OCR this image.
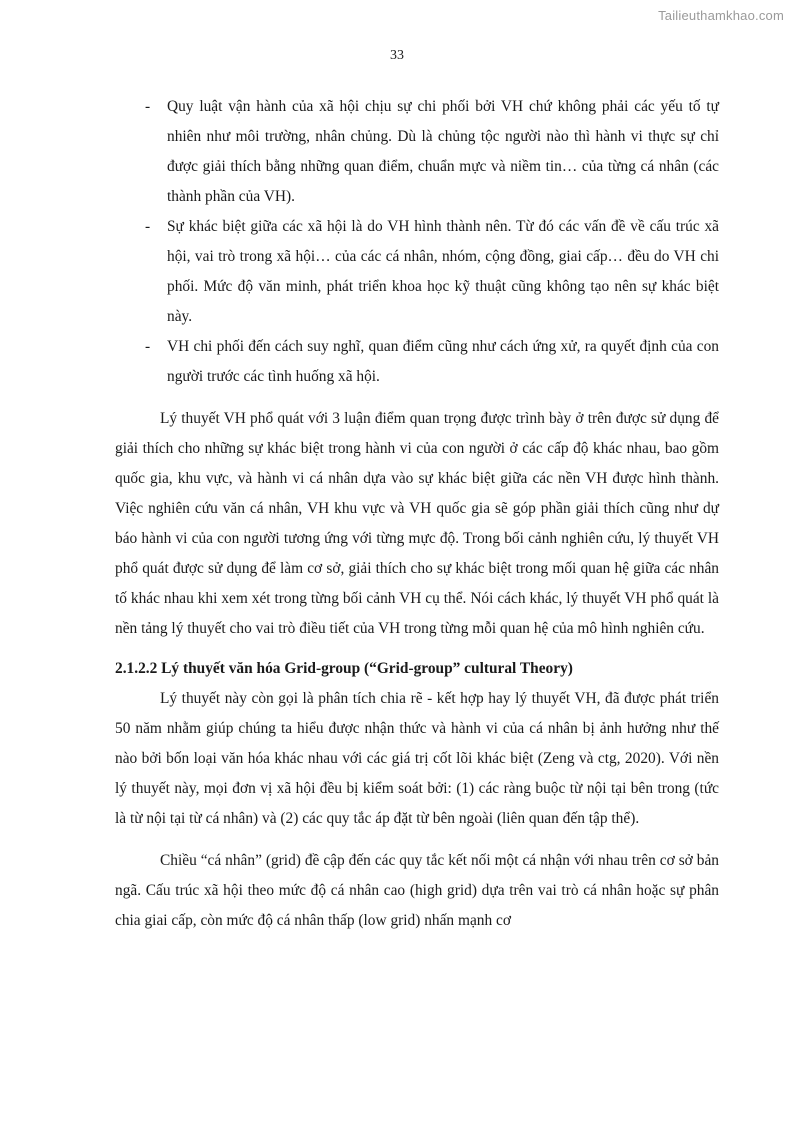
Tailieuthamkhao.com
33
-	Quy luật vận hành của xã hội chịu sự chi phối bởi VH chứ không phải các yếu tố tự nhiên như môi trường, nhân chủng. Dù là chủng tộc người nào thì hành vi thực sự chỉ được giải thích bằng những quan điểm, chuẩn mực và niềm tin… của từng cá nhân (các thành phần của VH).
-	Sự khác biệt giữa các xã hội là do VH hình thành nên. Từ đó các vấn đề về cấu trúc xã hội, vai trò trong xã hội… của các cá nhân, nhóm, cộng đồng, giai cấp… đều do VH chi phối. Mức độ văn minh, phát triển khoa học kỹ thuật cũng không tạo nên sự khác biệt này.
-	VH chi phối đến cách suy nghĩ, quan điểm cũng như cách ứng xử, ra quyết định của con người trước các tình huống xã hội.

Lý thuyết VH phổ quát với 3 luận điểm quan trọng được trình bày ở trên được sử dụng để giải thích cho những sự khác biệt trong hành vi của con người ở các cấp độ khác nhau, bao gồm quốc gia, khu vực, và hành vi cá nhân dựa vào sự khác biệt giữa các nền VH được hình thành. Việc nghiên cứu văn cá nhân, VH khu vực và VH quốc gia sẽ góp phần giải thích cũng như dự báo hành vi của con người tương ứng với từng mực độ. Trong bối cảnh nghiên cứu, lý thuyết VH phổ quát được sử dụng để làm cơ sở, giải thích cho sự khác biệt trong mối quan hệ giữa các nhân tố khác nhau khi xem xét trong từng bối cảnh VH cụ thể. Nói cách khác, lý thuyết VH phổ quát là nền tảng lý thuyết cho vai trò điều tiết của VH trong từng mỗi quan hệ của mô hình nghiên cứu.

2.1.2.2 Lý thuyết văn hóa Grid-group (“Grid-group” cultural Theory)

Lý thuyết này còn gọi là phân tích chia rẽ - kết hợp hay lý thuyết VH, đã được phát triển 50 năm nhằm giúp chúng ta hiểu được nhận thức và hành vi của cá nhân bị ảnh hưởng như thế nào bởi bốn loại văn hóa khác nhau với các giá trị cốt lõi khác biệt (Zeng và ctg, 2020). Với nền lý thuyết này, mọi đơn vị xã hội đều bị kiểm soát bởi: (1) các ràng buộc từ nội tại bên trong (tức là từ nội tại từ cá nhân) và (2) các quy tắc áp đặt từ bên ngoài (liên quan đến tập thể).

Chiều “cá nhân” (grid) đề cập đến các quy tắc kết nối một cá nhận với nhau trên cơ sở bản ngã. Cấu trúc xã hội theo mức độ cá nhân cao (high grid) dựa trên vai trò cá nhân hoặc sự phân chia giai cấp, còn mức độ cá nhân thấp (low grid) nhấn mạnh cơ
